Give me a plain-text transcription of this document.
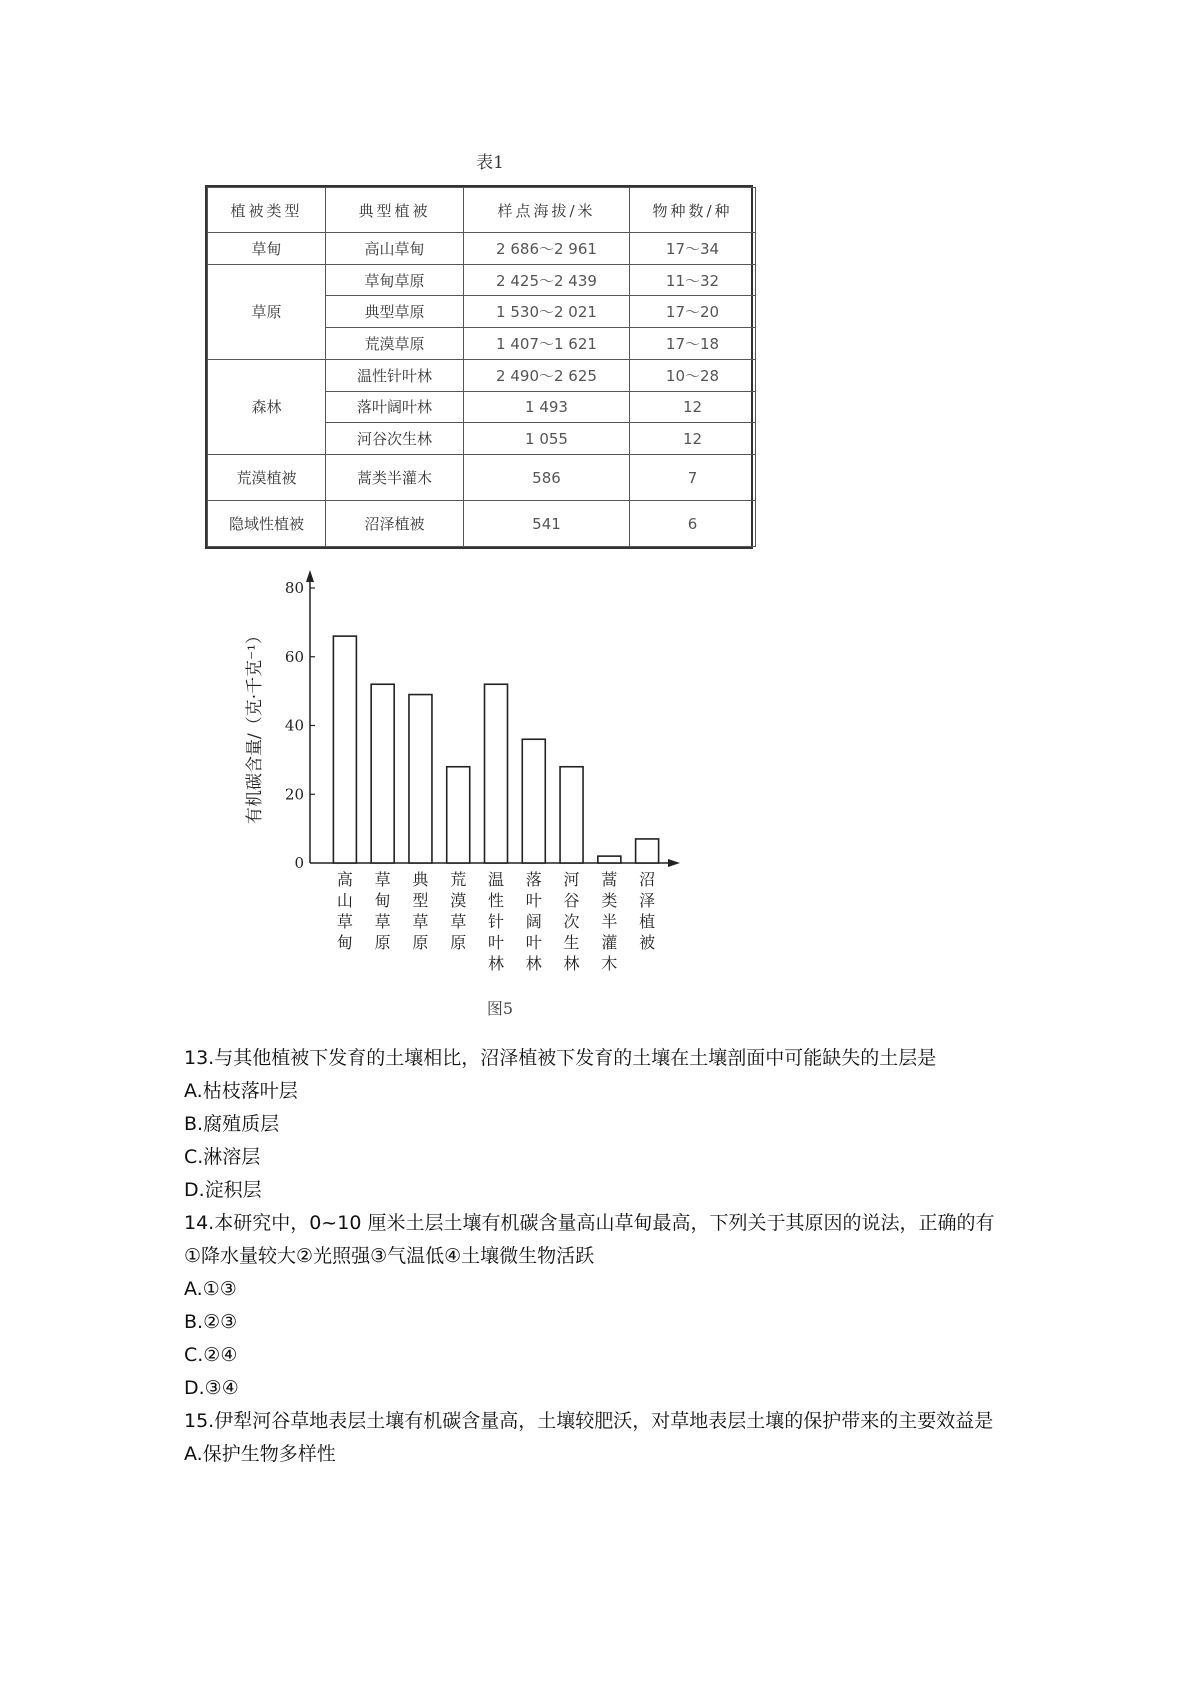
表1
植被类型	典型植被	样点海拔/米	物种数/种
草甸	高山草甸	2 686～2 961	17～34
草原	草甸草原	2 425～2 439	11～32
	典型草原	1 530～2 021	17～20
	荒漠草原	1 407～1 621	17～18
森林	温性针叶林	2 490～2 625	10～28
	落叶阔叶林	1 493	12
	河谷次生林	1 055	12
荒漠植被	蒿类半灌木	586	7
隐域性植被	沼泽植被	541	6
有机碳含量/（克·千克⁻¹）
0
20
40
60
80
高山草甸
草甸草原
典型草原
荒漠草原
温性针叶林
落叶阔叶林
河谷次生林
蒿类半灌木
沼泽植被
图5

13.与其他植被下发育的土壤相比，沼泽植被下发育的土壤在土壤剖面中可能缺失的土层是

A.枯枝落叶层

B.腐殖质层

C.淋溶层

D.淀积层

14.本研究中，0~10 厘米土层土壤有机碳含量高山草甸最高，下列关于其原因的说法，正确的有

①降水量较大②光照强③气温低④土壤微生物活跃

A.①③

B.②③

C.②④

D.③④

15.伊犁河谷草地表层土壤有机碳含量高，土壤较肥沃，对草地表层土壤的保护带来的主要效益是

A.保护生物多样性
